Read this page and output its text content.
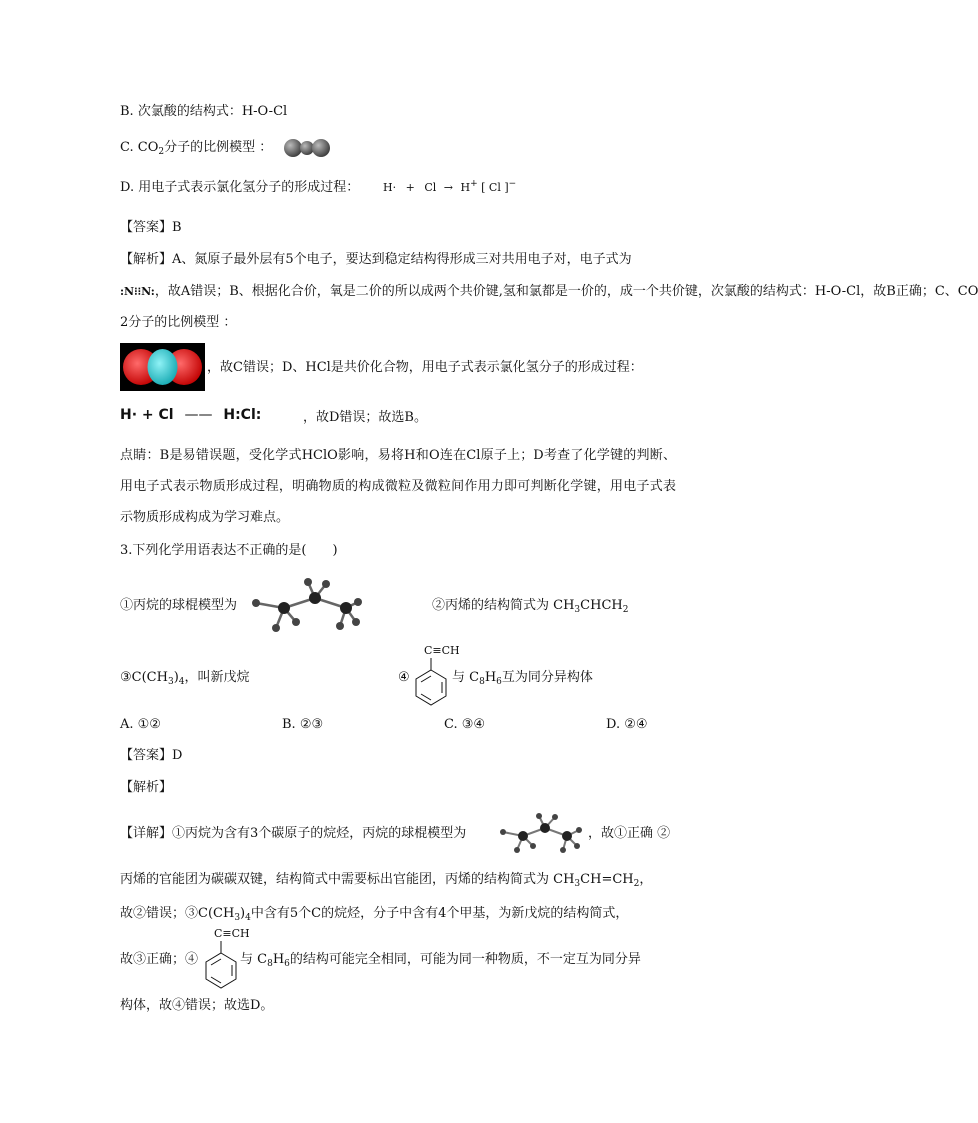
B. 次氯酸的结构式：H-O-Cl
C. $CO_2$分子的比例模型 ：
D. 用电子式表示氯化氢分子的形成过程： H· + Cl → H+ [ Cl ]−
【答案】B
【解析】A、氮原子最外层有5个电子，要达到稳定结构得形成三对共用电子对，电子式为
:N⁝⁝N:，故A错误；B、根据化合价，氧是二价的所以成两个共价键,氢和氯都是一价的，成一个共价键，次氯酸的结构式：H-O-Cl，故B正确；C、CO
2分子的比例模型 ：
，故C错误；D、HCl是共价化合物，用电子式表示氯化氢分子的形成过程：
H· + Cl —— H:Cl:	，故D错误；故选B。
点睛：B是易错误题，受化学式HClO影响，易将H和O连在Cl原子上；D考查了化学键的判断、用电子式表示物质形成过程，明确物质的构成微粒及微粒间作用力即可判断化学键，用电子式表示物质形成构成为学习难点。
3.下列化学用语表达不正确的是(　　)
①丙烷的球棍模型为	②丙烯的结构简式为 $CH_3CHCH_2$
$③C(CH_3)_4$，叫新戊烷	④
C≡CH
与 $C_8H_6$互为同分异构体
A. ①②	B. ②③	C. ③④	D. ②④
【答案】D
【解析】
【详解】①丙烷为含有3个碳原子的烷烃，丙烷的球棍模型为	，故①正确 ②
丙烯的官能团为碳碳双键，结构简式中需要标出官能团，丙烯的结构简式为 $CH_3CH=CH_2$，
故②错误；$③C(CH_3)_4$中含有5个C的烷烃，分子中含有4个甲基，为新戊烷的结构简式，
C≡CH
故③正确；④	与 $C_8H_6$的结构可能完全相同，可能为同一种物质，不一定互为同分异
构体，故④错误；故选D。
